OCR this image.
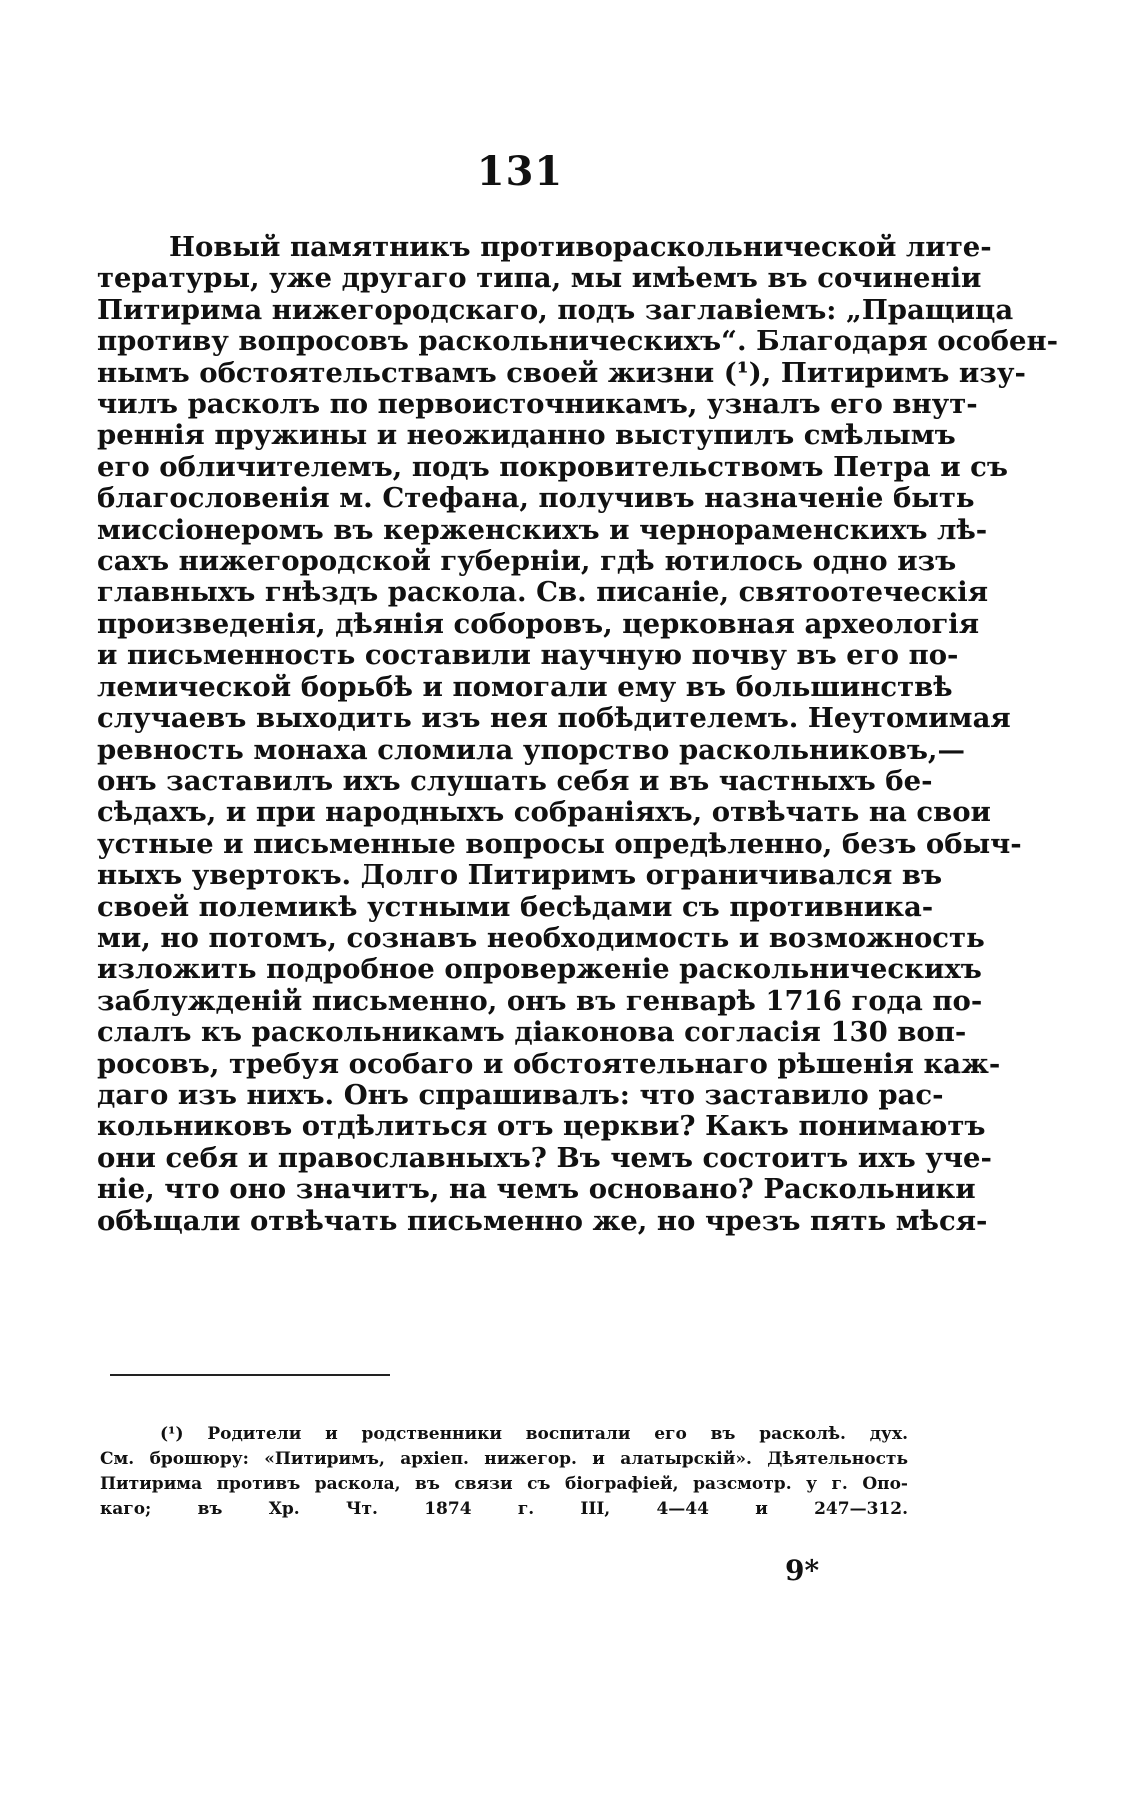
131
Новый памятникъ противораскольнической лите-
тературы, уже другаго типа, мы имѣемъ въ сочиненіи
Питирима нижегородскаго, подъ заглавіемъ: „Пращица
противу вопросовъ раскольническихъ“. Благодаря особен-
нымъ обстоятельствамъ своей жизни (¹), Питиримъ изу-
чилъ расколъ по первоисточникамъ, узналъ его внут-
реннія пружины и неожиданно выступилъ смѣлымъ
его обличителемъ, подъ покровительствомъ Петра и съ
благословенія м. Стефана, получивъ назначеніе быть
миссіонеромъ въ керженскихъ и чернораменскихъ лѣ-
сахъ нижегородской губерніи, гдѣ ютилось одно изъ
главныхъ гнѣздъ раскола. Св. писаніе, святоотеческія
произведенія, дѣянія соборовъ, церковная археологія
и письменность составили научную почву въ его по-
лемической борьбѣ и помогали ему въ большинствѣ
случаевъ выходить изъ нея побѣдителемъ. Неутомимая
ревность монаха сломила упорство раскольниковъ,—
онъ заставилъ ихъ слушать себя и въ частныхъ бе-
сѣдахъ, и при народныхъ собраніяхъ, отвѣчать на свои
устные и письменные вопросы опредѣленно, безъ обыч-
ныхъ увертокъ. Долго Питиримъ ограничивался въ
своей полемикѣ устными бесѣдами съ противника-
ми, но потомъ, сознавъ необходимость и возможность
изложить подробное опроверженіе раскольническихъ
заблужденій письменно, онъ въ генварѣ 1716 года по-
слалъ къ раскольникамъ діаконова согласія 130 воп-
росовъ, требуя особаго и обстоятельнаго рѣшенія каж-
даго изъ нихъ. Онъ спрашивалъ: что заставило рас-
кольниковъ отдѣлиться отъ церкви? Какъ понимаютъ
они себя и православныхъ? Въ чемъ состоитъ ихъ уче-
ніе, что оно значитъ, на чемъ основано? Раскольники
обѣщали отвѣчать письменно же, но чрезъ пять мѣся-
(¹) Родители и родственники воспитали его въ расколѣ. дух.
См. брошюру: «Питиримъ, архіеп. нижегор. и алатырскій». Дѣятельность
Питирима противъ раскола, въ связи съ біографіей, разсмотр. у г. Опо-
каго; въ Хр. Чт. 1874 г. III, 4—44 и 247—312.
9*
